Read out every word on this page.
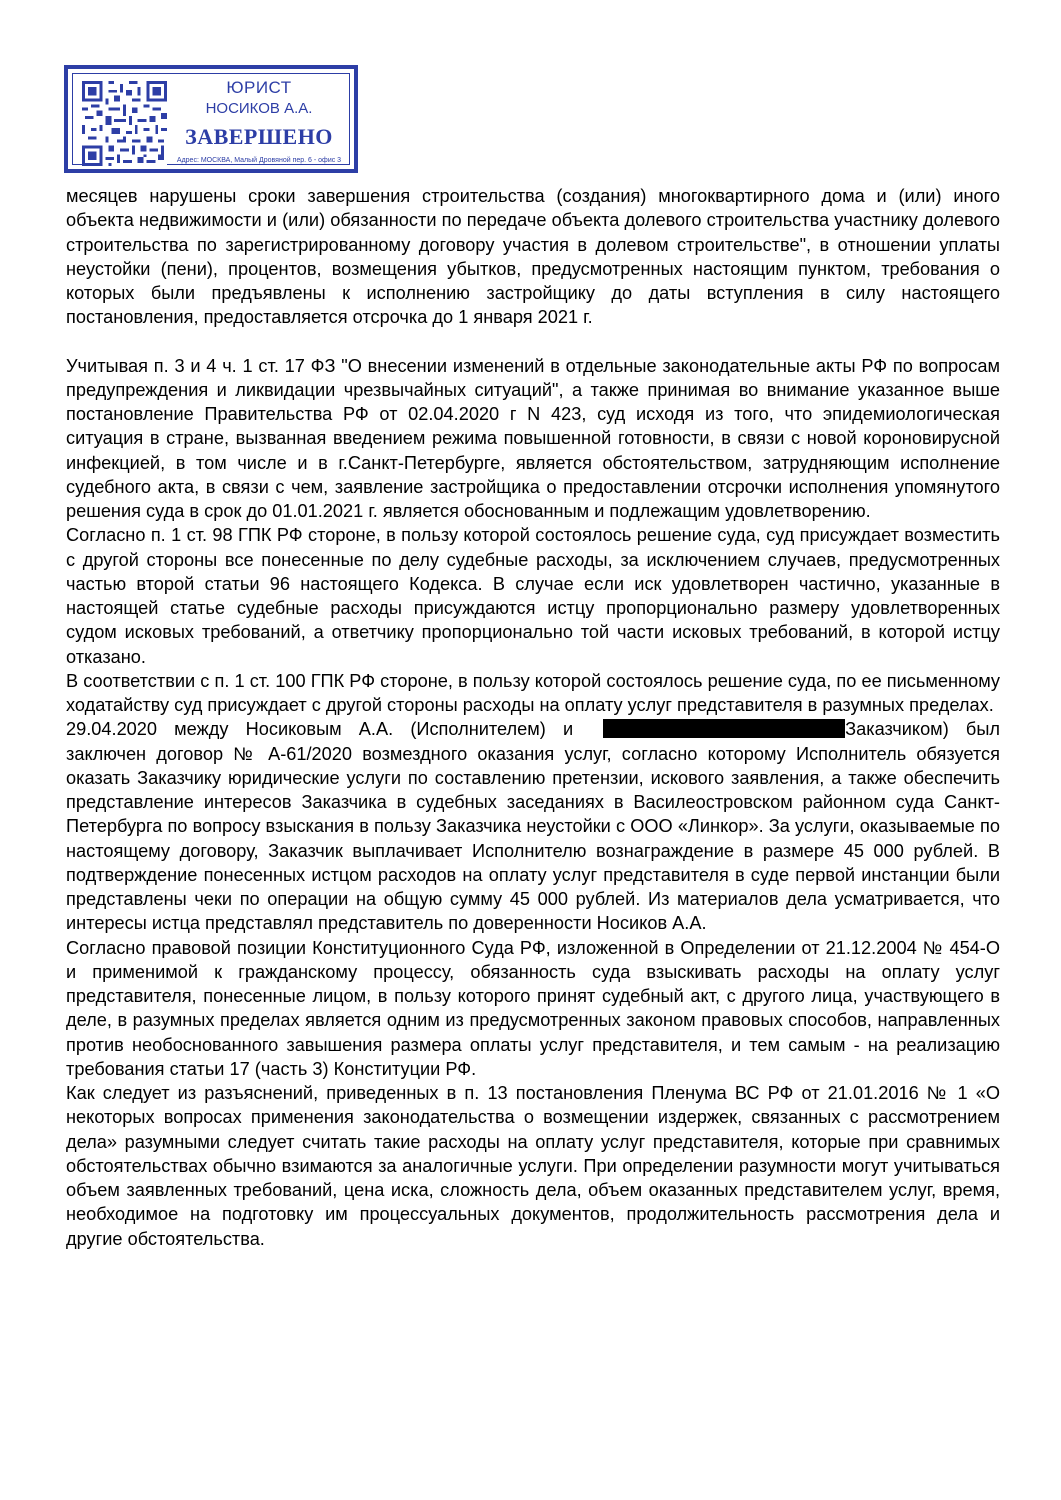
ЮРИСТ
НОСИКОВ А.А.
ЗАВЕРШЕНО
Адрес: МОСКВА, Малый Дровяной пер. 6 - офис 3

месяцев нарушены сроки завершения строительства (создания) многоквартирного дома и (или) иного объекта недвижимости и (или) обязанности по передаче объекта долевого строительства участнику долевого строительства по зарегистрированному договору участия в долевом строительстве", в отношении уплаты неустойки (пени), процентов, возмещения убытков, предусмотренных настоящим пунктом, требования о которых были предъявлены к исполнению застройщику до даты вступления в силу настоящего постановления, предоставляется отсрочка до 1 января 2021 г.

Учитывая п. 3 и 4 ч. 1 ст. 17 ФЗ "О внесении изменений в отдельные законодательные акты РФ по вопросам предупреждения и ликвидации чрезвычайных ситуаций", а также принимая во внимание указанное выше постановление Правительства РФ от 02.04.2020 г N 423, суд исходя из того, что эпидемиологическая ситуация в стране, вызванная введением режима повышенной готовности, в связи с новой короновирусной инфекцией, в том числе и в г.Санкт-Петербурге, является обстоятельством, затрудняющим исполнение судебного акта, в связи с чем, заявление застройщика о предоставлении отсрочки исполнения упомянутого решения суда в срок до 01.01.2021 г. является обоснованным и подлежащим удовлетворению.

Согласно п. 1 ст. 98 ГПК РФ стороне, в пользу которой состоялось решение суда, суд присуждает возместить с другой стороны все понесенные по делу судебные расходы, за исключением случаев, предусмотренных частью второй статьи 96 настоящего Кодекса. В случае если иск удовлетворен частично, указанные в настоящей статье судебные расходы присуждаются истцу пропорционально размеру удовлетворенных судом исковых требований, а ответчику пропорционально той части исковых требований, в которой истцу отказано.

В соответствии с п. 1 ст. 100 ГПК РФ стороне, в пользу которой состоялось решение суда, по ее письменному ходатайству суд присуждает с другой стороны расходы на оплату услуг представителя в разумных пределах.

29.04.2020 между Носиковым А.А. (Исполнителем) и	Заказчиком) был заключен договор № А-61/2020 возмездного оказания услуг, согласно которому Исполнитель обязуется оказать Заказчику юридические услуги по составлению претензии, искового заявления, а также обеспечить представление интересов Заказчика в судебных заседаниях в Василеостровском районном суда Санкт-Петербурга по вопросу взыскания в пользу Заказчика неустойки с ООО «Линкор». За услуги, оказываемые по настоящему договору, Заказчик выплачивает Исполнителю вознаграждение в размере 45 000 рублей. В подтверждение понесенных истцом расходов на оплату услуг представителя в суде первой инстанции были представлены чеки по операции на общую сумму 45 000 рублей. Из материалов дела усматривается, что интересы истца представлял представитель по доверенности Носиков А.А.

Согласно правовой позиции Конституционного Суда РФ, изложенной в Определении от 21.12.2004 № 454-О и применимой к гражданскому процессу, обязанность суда взыскивать расходы на оплату услуг представителя, понесенные лицом, в пользу которого принят судебный акт, с другого лица, участвующего в деле, в разумных пределах является одним из предусмотренных законом правовых способов, направленных против необоснованного завышения размера оплаты услуг представителя, и тем самым - на реализацию требования статьи 17 (часть 3) Конституции РФ.

Как следует из разъяснений, приведенных в п. 13 постановления Пленума ВС РФ от 21.01.2016 № 1 «О некоторых вопросах применения законодательства о возмещении издержек, связанных с рассмотрением дела» разумными следует считать такие расходы на оплату услуг представителя, которые при сравнимых обстоятельствах обычно взимаются за аналогичные услуги. При определении разумности могут учитываться объем заявленных требований, цена иска, сложность дела, объем оказанных представителем услуг, время, необходимое на подготовку им процессуальных документов, продолжительность рассмотрения дела и другие обстоятельства.
